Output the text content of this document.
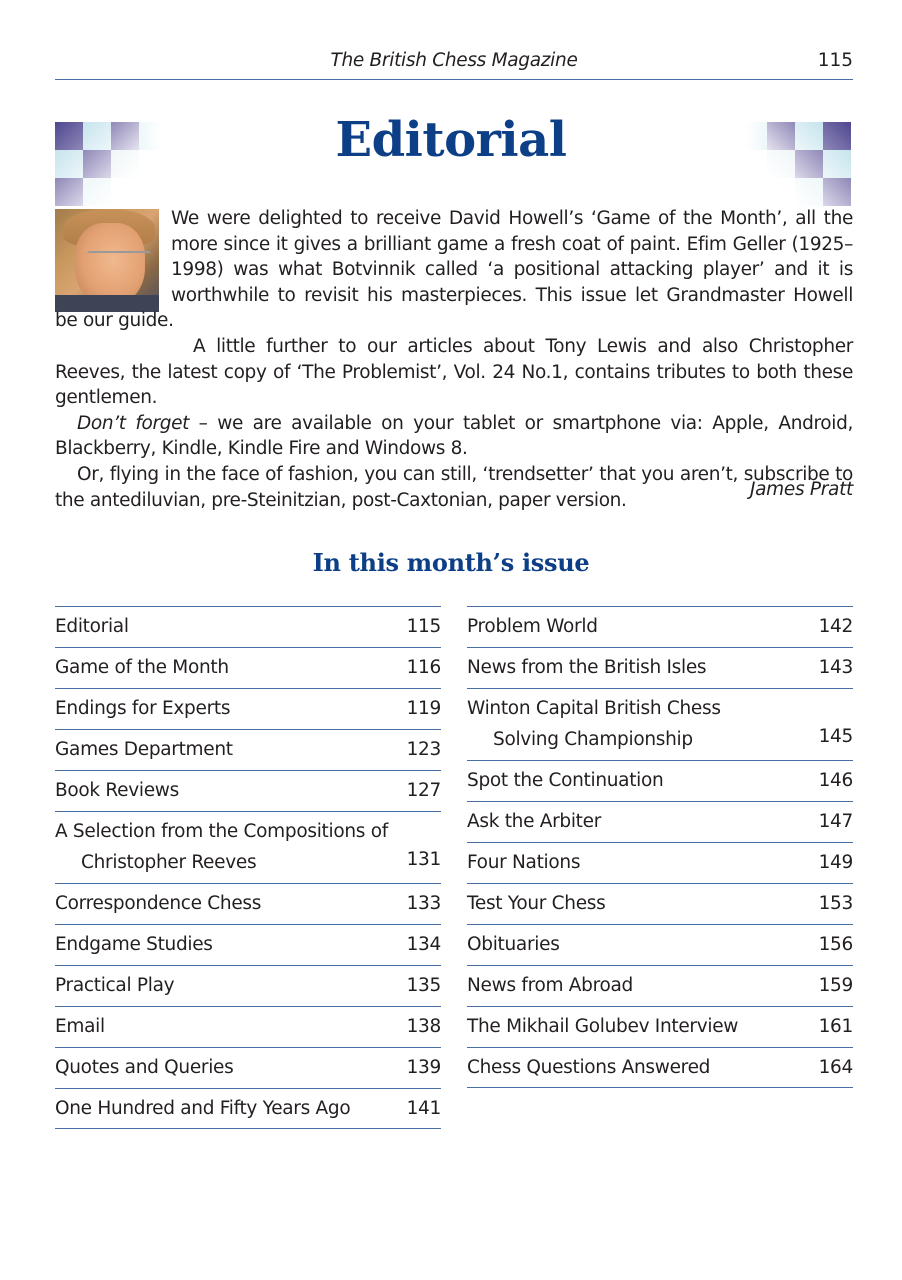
The British Chess Magazine	115
Editorial

We were delighted to receive David Howell’s ‘Game of the Month’, all the more since it gives a brilliant game a fresh coat of paint. Efim Geller (1925–1998) was what Botvinnik called ‘a positional attacking player’ and it is worthwhile to revisit his masterpieces. This issue let Grandmaster Howell be our guide.

A little further to our articles about Tony Lewis and also Christopher Reeves, the latest copy of ‘The Problemist’, Vol. 24 No.1, contains tributes to both these gentlemen.

Don’t forget – we are available on your tablet or smartphone via: Apple, Android, Blackberry, Kindle, Kindle Fire and Windows 8.

Or, flying in the face of fashion, you can still, ‘trendsetter’ that you aren’t, subscribe to the antediluvian, pre-Steinitzian, post-Caxtonian, paper version.

James Pratt
In this month’s issue
Editorial	115
Game of the Month	116
Endings for Experts	119
Games Department	123
Book Reviews	127
A Selection from the Compositions of
Christopher Reeves	131
Correspondence Chess	133
Endgame Studies	134
Practical Play	135
Email	138
Quotes and Queries	139
One Hundred and Fifty Years Ago	141
Problem World	142
News from the British Isles	143
Winton Capital British Chess
Solving Championship	145
Spot the Continuation	146
Ask the Arbiter	147
Four Nations	149
Test Your Chess	153
Obituaries	156
News from Abroad	159
The Mikhail Golubev Interview	161
Chess Questions Answered	164
